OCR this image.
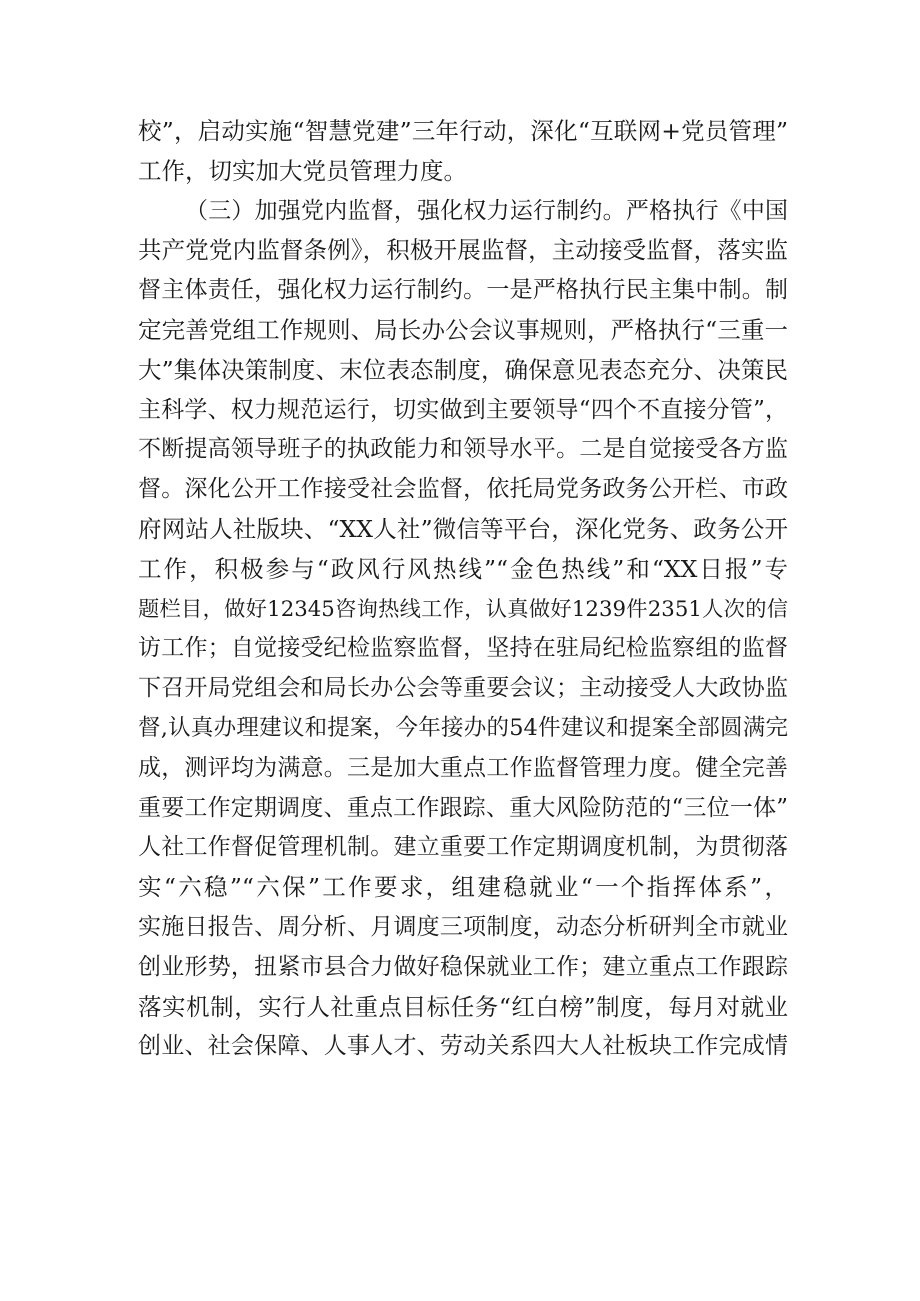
校”，启动实施“智慧党建”三年行动，深化“互联网+党员管理”
工作，切实加大党员管理力度。
（三）加强党内监督，强化权力运行制约。严格执行《中国
共产党党内监督条例》，积极开展监督，主动接受监督，落实监
督主体责任，强化权力运行制约。一是严格执行民主集中制。制
定完善党组工作规则、局长办公会议事规则，严格执行“三重一
大”集体决策制度、末位表态制度，确保意见表态充分、决策民
主科学、权力规范运行，切实做到主要领导“四个不直接分管”，
不断提高领导班子的执政能力和领导水平。二是自觉接受各方监
督。深化公开工作接受社会监督，依托局党务政务公开栏、市政
府网站人社版块、“XX人社”微信等平台，深化党务、政务公开
工作，积极参与“政风行风热线”“金色热线”和“XX日报”专
题栏目，做好12345咨询热线工作，认真做好1239件2351人次的信
访工作；自觉接受纪检监察监督，坚持在驻局纪检监察组的监督
下召开局党组会和局长办公会等重要会议；主动接受人大政协监
督,认真办理建议和提案，今年接办的54件建议和提案全部圆满完
成，测评均为满意。三是加大重点工作监督管理力度。健全完善
重要工作定期调度、重点工作跟踪、重大风险防范的“三位一体”
人社工作督促管理机制。建立重要工作定期调度机制，为贯彻落
实“六稳”“六保”工作要求，组建稳就业“一个指挥体系”，
实施日报告、周分析、月调度三项制度，动态分析研判全市就业
创业形势，扭紧市县合力做好稳保就业工作；建立重点工作跟踪
落实机制，实行人社重点目标任务“红白榜”制度，每月对就业
创业、社会保障、人事人才、劳动关系四大人社板块工作完成情
